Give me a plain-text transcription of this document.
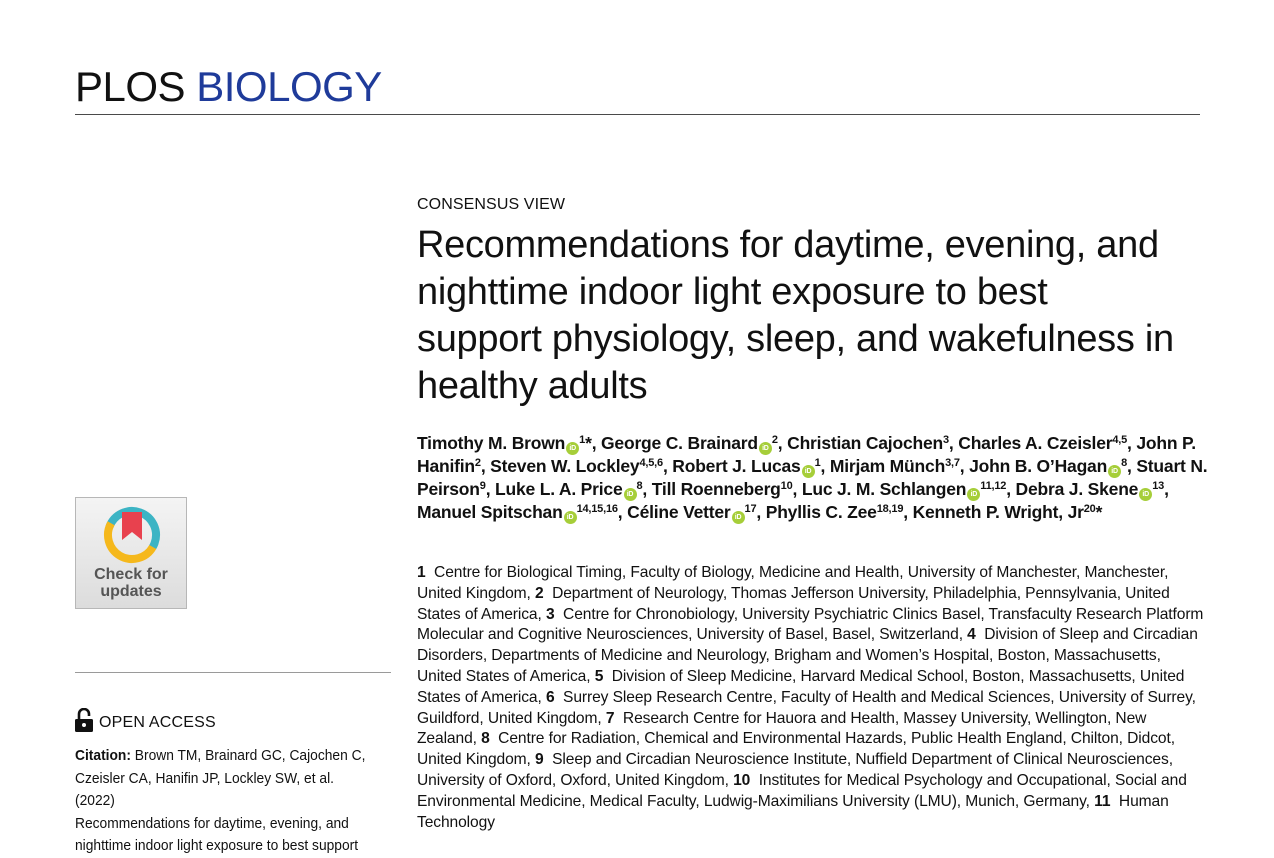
PLOS BIOLOGY
Check for
updates
OPEN ACCESS
Citation: Brown TM, Brainard GC, Cajochen C,
Czeisler CA, Hanifin JP, Lockley SW, et al. (2022)
Recommendations for daytime, evening, and
nighttime indoor light exposure to best support
CONSENSUS VIEW
Recommendations for daytime, evening, and
nighttime indoor light exposure to best
support physiology, sleep, and wakefulness in
healthy adults
Timothy M. Brown $iD^1*$, George C. Brainard $iD^2$, Christian Cajochen$^3$, Charles A. Czeisler$^{4,5}$, John P. Hanifin$^2$, Steven W. Lockley$^{4,5,6}$, Robert J. Lucas $iD^1$, Mirjam Münch$^{3,7}$, John B. O’Hagan $iD^8$, Stuart N. Peirson$^9$, Luke L. A. Price $iD^8$, Till Roenneberg$^{10}$, Luc J. M. Schlangen iD$^{11,12}$, Debra J. Skene $iD^{13}$, Manuel Spitschan iD$^{14,15,16}$, Céline Vetter $iD^{17}$, Phyllis C. Zee$^{18,19}$, Kenneth P. Wright, Jr$^{20}$*
1 Centre for Biological Timing, Faculty of Biology, Medicine and Health, University of Manchester, Manchester, United Kingdom, 2 Department of Neurology, Thomas Jefferson University, Philadelphia, Pennsylvania, United States of America, 3 Centre for Chronobiology, University Psychiatric Clinics Basel, Transfaculty Research Platform Molecular and Cognitive Neurosciences, University of Basel, Basel, Switzerland, 4 Division of Sleep and Circadian Disorders, Departments of Medicine and Neurology, Brigham and Women’s Hospital, Boston, Massachusetts, United States of America, 5 Division of Sleep Medicine, Harvard Medical School, Boston, Massachusetts, United States of America, 6 Surrey Sleep Research Centre, Faculty of Health and Medical Sciences, University of Surrey, Guildford, United Kingdom, 7 Research Centre for Hauora and Health, Massey University, Wellington, New Zealand, 8 Centre for Radiation, Chemical and Environmental Hazards, Public Health England, Chilton, Didcot, United Kingdom, 9 Sleep and Circadian Neuroscience Institute, Nuffield Department of Clinical Neurosciences, University of Oxford, Oxford, United Kingdom, 10 Institutes for Medical Psychology and Occupational, Social and Environmental Medicine, Medical Faculty, Ludwig-Maximilians University (LMU), Munich, Germany, 11 Human Technology
